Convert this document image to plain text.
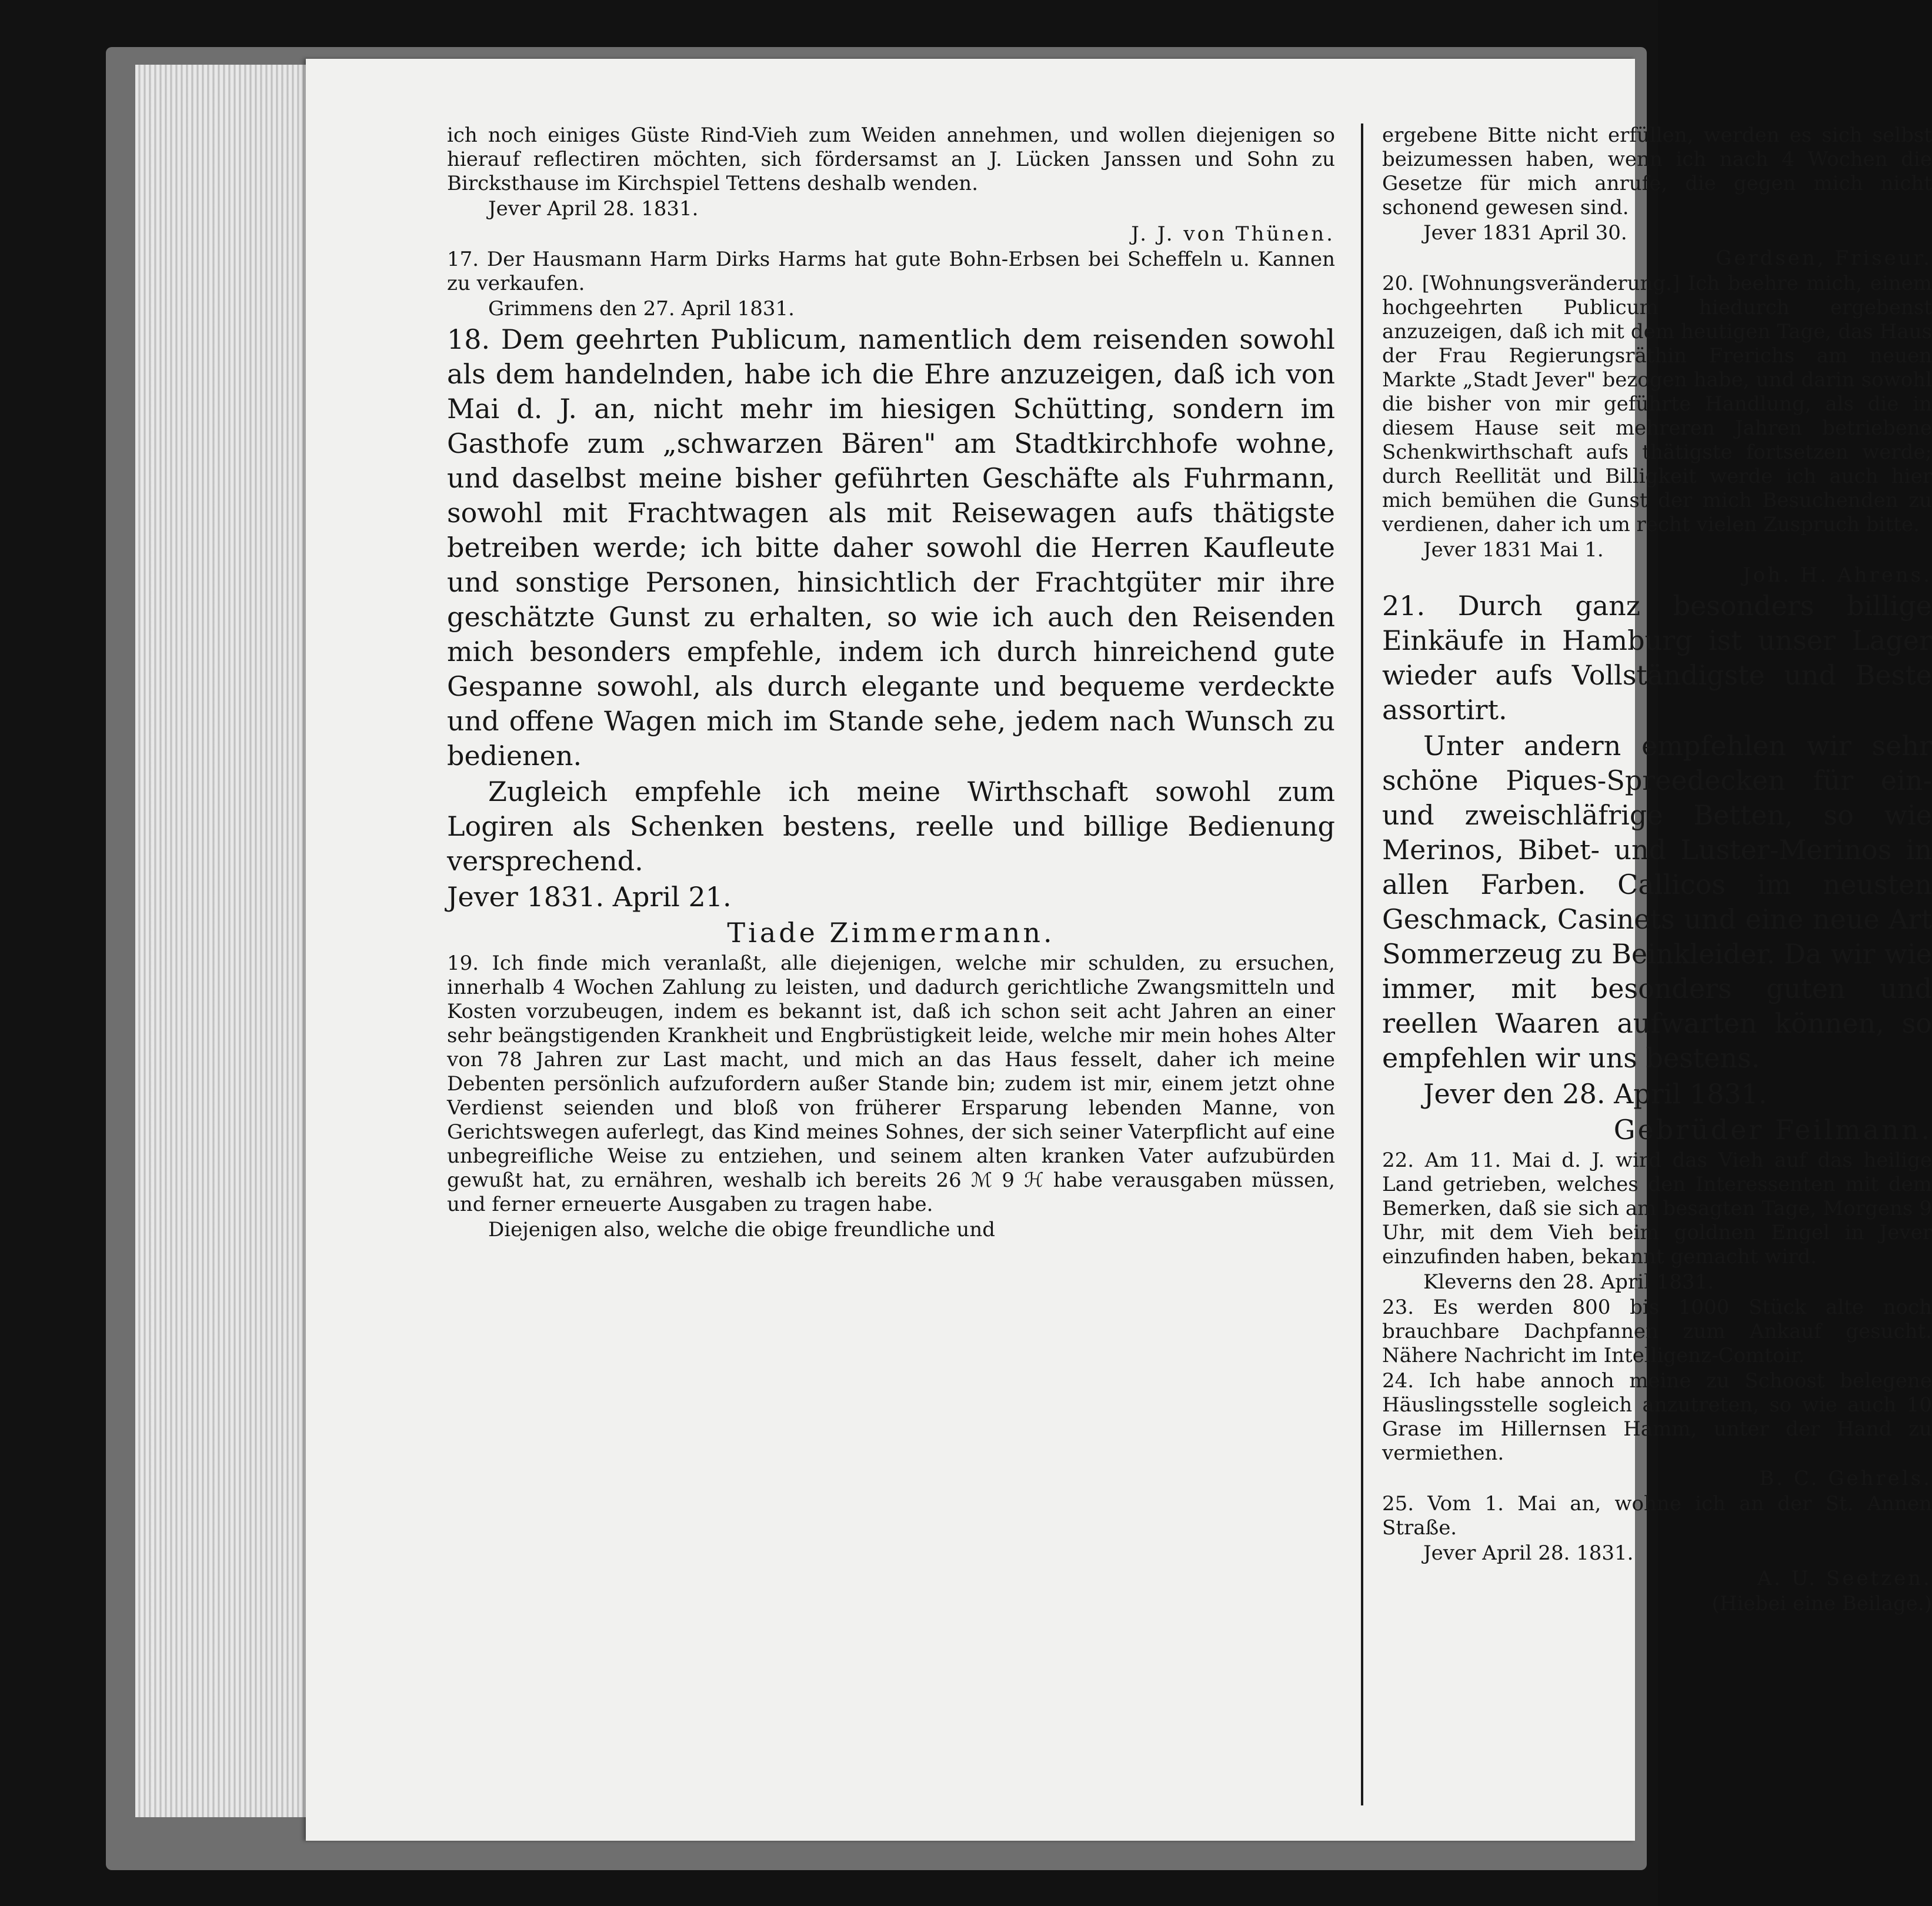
ich noch einiges Güste Rind-Vieh zum Weiden annehmen, und wollen diejenigen so hierauf reflectiren möchten, sich fördersamst an J. Lücken Janssen und Sohn zu Bircksthause im Kirchspiel Tettens deshalb wenden.

Jever April 28. 1831.

J. J. von Thünen.

17. Der Hausmann Harm Dirks Harms hat gute Bohn-Erbsen bei Scheffeln u. Kannen zu verkaufen.

Grimmens den 27. April 1831.

18. Dem geehrten Publicum, namentlich dem reisenden sowohl als dem handelnden, habe ich die Ehre anzuzeigen, daß ich von Mai d. J. an, nicht mehr im hiesigen Schütting, sondern im Gasthofe zum „schwarzen Bären" am Stadtkirchhofe wohne, und daselbst meine bisher geführten Geschäfte als Fuhrmann, sowohl mit Frachtwagen als mit Reisewagen aufs thätigste betreiben werde; ich bitte daher sowohl die Herren Kaufleute und sonstige Personen, hinsichtlich der Frachtgüter mir ihre geschätzte Gunst zu erhalten, so wie ich auch den Reisenden mich besonders empfehle, indem ich durch hinreichend gute Gespanne sowohl, als durch elegante und bequeme verdeckte und offene Wagen mich im Stande sehe, jedem nach Wunsch zu bedienen.

Zugleich empfehle ich meine Wirthschaft sowohl zum Logiren als Schenken bestens, reelle und billige Bedienung versprechend.

Jever 1831. April 21.

Tiade Zimmermann.

19. Ich finde mich veranlaßt, alle diejenigen, welche mir schulden, zu ersuchen, innerhalb 4 Wochen Zahlung zu leisten, und dadurch gerichtliche Zwangsmitteln und Kosten vorzubeugen, indem es bekannt ist, daß ich schon seit acht Jahren an einer sehr beängstigenden Krankheit und Engbrüstigkeit leide, welche mir mein hohes Alter von 78 Jahren zur Last macht, und mich an das Haus fesselt, daher ich meine Debenten persönlich aufzufordern außer Stande bin; zudem ist mir, einem jetzt ohne Verdienst seienden und bloß von früherer Ersparung lebenden Manne, von Gerichtswegen auferlegt, das Kind meines Sohnes, der sich seiner Vaterpflicht auf eine unbegreifliche Weise zu entziehen, und seinem alten kranken Vater aufzubürden gewußt hat, zu ernähren, weshalb ich bereits 26 ℳ 9 ℋ habe verausgaben müssen, und ferner erneuerte Ausgaben zu tragen habe.

Diejenigen also, welche die obige freundliche und

ergebene Bitte nicht erfüllen, werden es sich selbst beizumessen haben, wenn ich nach 4 Wochen die Gesetze für mich anrufe, die gegen mich nicht schonend gewesen sind.

Jever 1831 April 30.

Gerdsen, Friseur.

20. [Wohnungsveränderung.] Ich beehre mich, einem hochgeehrten Publicum hiedurch ergebenst anzuzeigen, daß ich mit dem heutigen Tage, das Haus der Frau Regierungsräthin Frerichs am neuen Markte „Stadt Jever" bezogen habe, und darin sowohl die bisher von mir geführte Handlung, als die in diesem Hause seit mehreren Jahren betriebene Schenkwirthschaft aufs thätigste fortsetzen werde; durch Reellität und Billigkeit werde ich auch hier mich bemühen die Gunst der mich Besuchenden zu verdienen, daher ich um recht vielen Zuspruch bitte.

Jever 1831 Mai 1.

Joh. H. Ahrens.

21. Durch ganz besonders billige Einkäufe in Hamburg ist unser Lager wieder aufs Vollständigste und Beste assortirt.

Unter andern empfehlen wir sehr schöne Piques-Spreedecken für ein- und zweischläfrige Betten, so wie Merinos, Bibet- und Luster-Merinos in allen Farben. Callicos im neusten Geschmack, Casinets und eine neue Art Sommerzeug zu Beinkleider. Da wir wie immer, mit besonders guten und reellen Waaren aufwarten können, so empfehlen wir uns bestens.

Jever den 28. April 1831.

Gebrüder Feilmann.

22. Am 11. Mai d. J. wird das Vieh auf das heilige Land getrieben, welches den Interessenten mit dem Bemerken, daß sie sich am besagten Tage, Morgens 9 Uhr, mit dem Vieh beim goldnen Engel in Jever einzufinden haben, bekannt gemacht wird.

Kleverns den 28. April 1831.

23. Es werden 800 bis 1000 Stück alte noch brauchbare Dachpfannen zum Ankauf gesucht. Nähere Nachricht im Intelligenz-Comtoir.

24. Ich habe annoch meine zu Schoost belegene Häuslingsstelle sogleich anzutreten, so wie auch 10 Grase im Hillernsen Hamm, unter der Hand zu vermiethen.

B. C. Gehrels.

25. Vom 1. Mai an, wohne ich an der St. Annen Straße.

Jever April 28. 1831.

A. U. Seetzen.

(Hiebei eine Beilage.)
